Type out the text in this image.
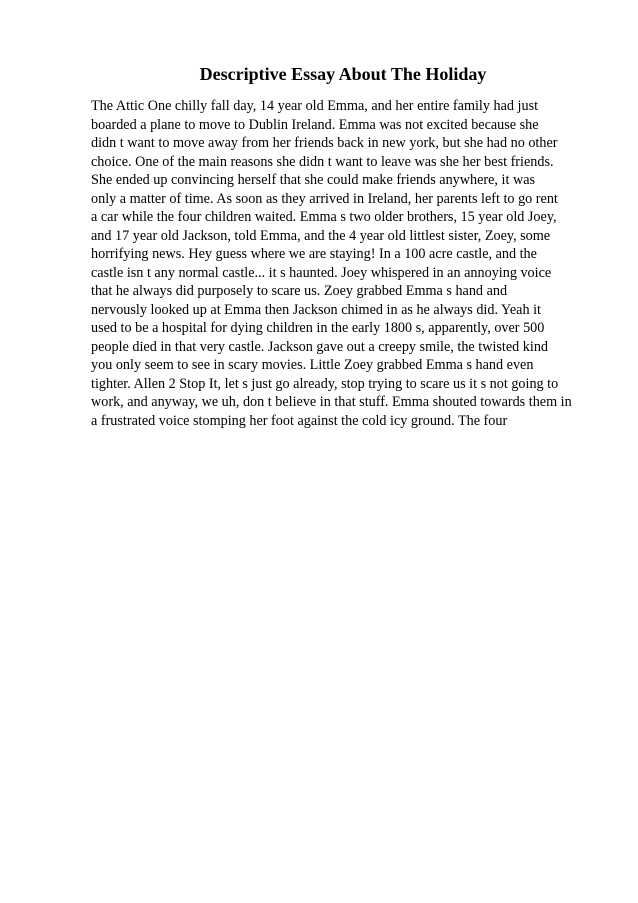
Descriptive Essay About The Holiday
The Attic One chilly fall day, 14 year old Emma, and her entire family had just
boarded a plane to move to Dublin Ireland. Emma was not excited because she
didn t want to move away from her friends back in new york, but she had no other
choice. One of the main reasons she didn t want to leave was she her best friends.
She ended up convincing herself that she could make friends anywhere, it was
only a matter of time. As soon as they arrived in Ireland, her parents left to go rent
a car while the four children waited. Emma s two older brothers, 15 year old Joey,
and 17 year old Jackson, told Emma, and the 4 year old littlest sister, Zoey, some
horrifying news. Hey guess where we are staying! In a 100 acre castle, and the
castle isn t any normal castle... it s haunted. Joey whispered in an annoying voice
that he always did purposely to scare us. Zoey grabbed Emma s hand and
nervously looked up at Emma then Jackson chimed in as he always did. Yeah it
used to be a hospital for dying children in the early 1800 s, apparently, over 500
people died in that very castle. Jackson gave out a creepy smile, the twisted kind
you only seem to see in scary movies. Little Zoey grabbed Emma s hand even
tighter. Allen 2 Stop It, let s just go already, stop trying to scare us it s not going to
work, and anyway, we uh, don t believe in that stuff. Emma shouted towards them in
a frustrated voice stomping her foot against the cold icy ground. The four
